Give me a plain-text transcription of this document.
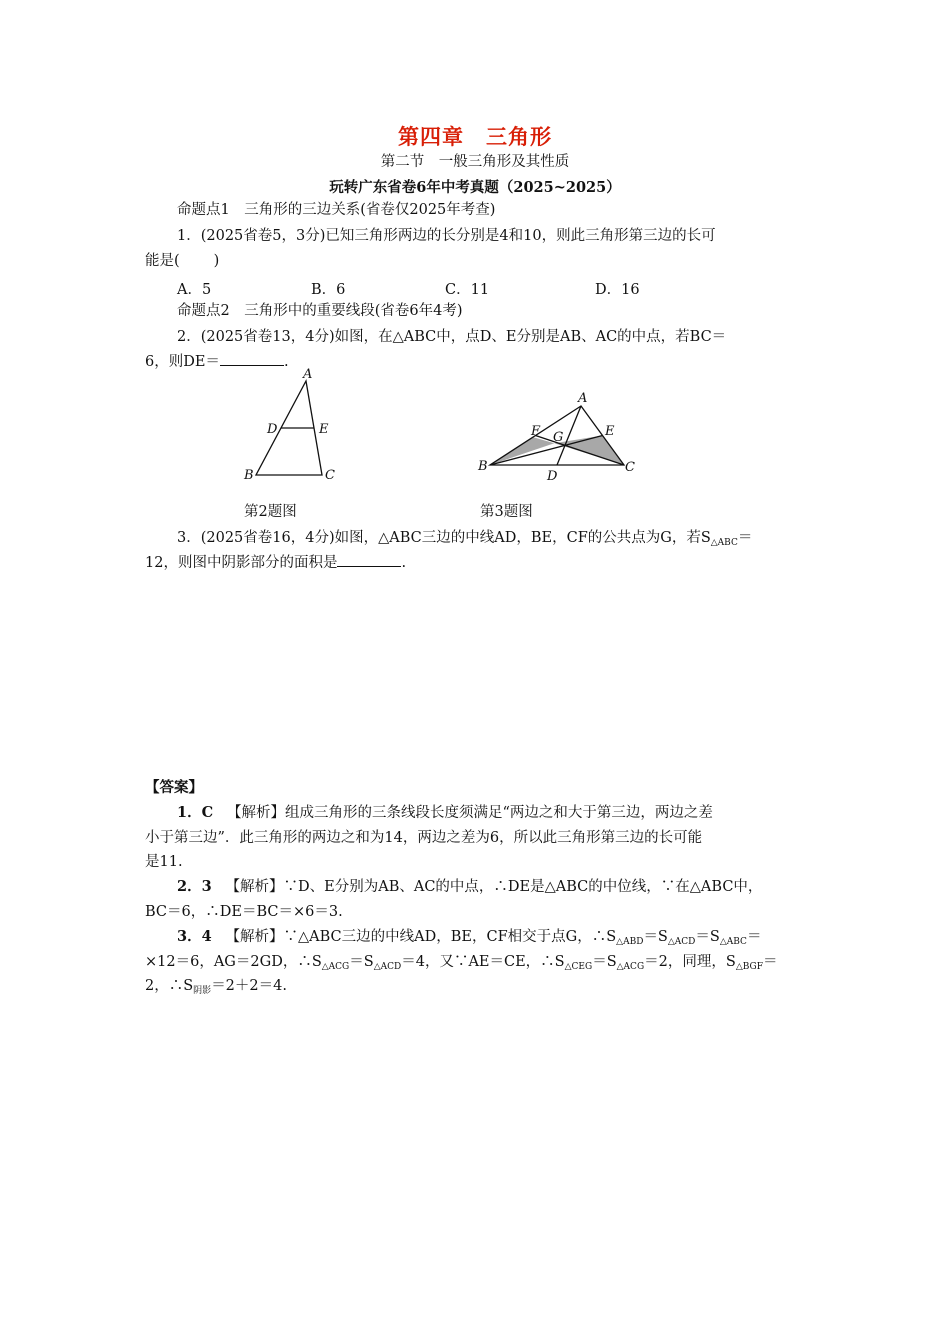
第四章　三角形
第二节　一般三角形及其性质
玩转广东省卷6年中考真题（2025~2025）
命题点1　三角形的三边关系(省卷仅2025年考查)
1．(2025省卷5，3分)已知三角形两边的长分别是4和10，则此三角形第三边的长可
能是( )
A．5	B．6	C．11	D．16
命题点2　三角形中的重要线段(省卷6年4考)
2．(2025省卷13，4分)如图，在△ABC中，点D、E分别是AB、AC的中点，若BC＝
6，则DE＝	.
A
D	E
B	C
第2题图
A
F G	E
B
D
C
第3题图
3．(2025省卷16，4分)如图，△ABC三边的中线AD，BE，CF的公共点为G，若$S_{\triangle ABC}=$
12，则图中阴影部分的面积是	.
【答案】
1．C 【解析】组成三角形的三条线段长度须满足“两边之和大于第三边，两边之差
小于第三边”．此三角形的两边之和为14，两边之差为6，所以此三角形第三边的长可能
是11.
2．3 【解析】∵D、E分别为AB、AC的中点，∴DE是△ABC的中位线，∵在△ABC中，
BC＝6，∴DE＝BC＝×6＝3.
3．4 【解析】∵△ABC三边的中线AD，BE，CF相交于点G，$\therefore S_{\triangle ABD}=S_{\triangle ACD}=S_{\triangle ABC}=$
×12＝6，AG＝2GD，$\therefore S_{\triangle ACG}=S_{\triangle ACD}=4$，又∵AE＝CE，$\therefore S_{\triangle CEG}=S_{\triangle ACG}=2$，同理，$S_{\triangle BGF}=$
2，$\therefore S_{阴影}=2+2=4$.
